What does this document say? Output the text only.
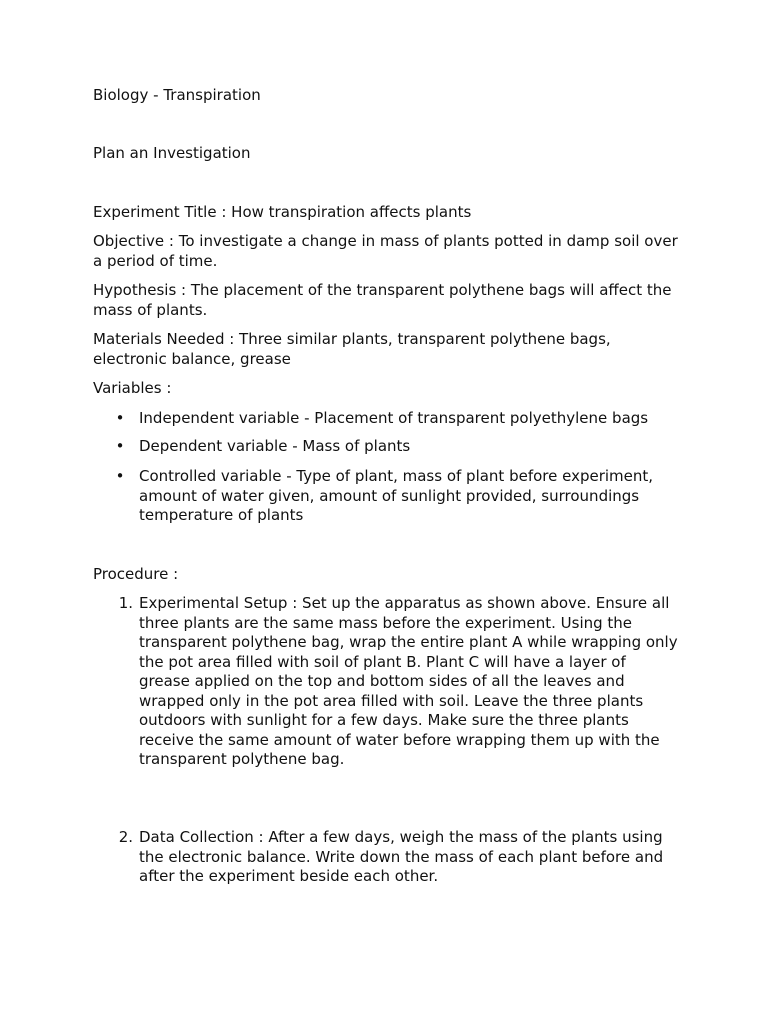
Biology - Transpiration
Plan an Investigation
Experiment Title : How transpiration affects plants
Objective : To investigate a change in mass of plants potted in damp soil over a period of time.
Hypothesis : The placement of the transparent polythene bags will affect the mass of plants.
Materials Needed : Three similar plants, transparent polythene bags, electronic balance, grease
Variables :
• Independent variable - Placement of transparent polyethylene bags
• Dependent variable - Mass of plants
• Controlled variable - Type of plant, mass of plant before experiment, amount of water given, amount of sunlight provided, surroundings temperature of plants
Procedure :
1. Experimental Setup : Set up the apparatus as shown above. Ensure all three plants are the same mass before the experiment. Using the transparent polythene bag, wrap the entire plant A while wrapping only the pot area filled with soil of plant B. Plant C will have a layer of grease applied on the top and bottom sides of all the leaves and wrapped only in the pot area filled with soil. Leave the three plants outdoors with sunlight for a few days. Make sure the three plants receive the same amount of water before wrapping them up with the transparent polythene bag.
2. Data Collection : After a few days, weigh the mass of the plants using the electronic balance. Write down the mass of each plant before and after the experiment beside each other.
